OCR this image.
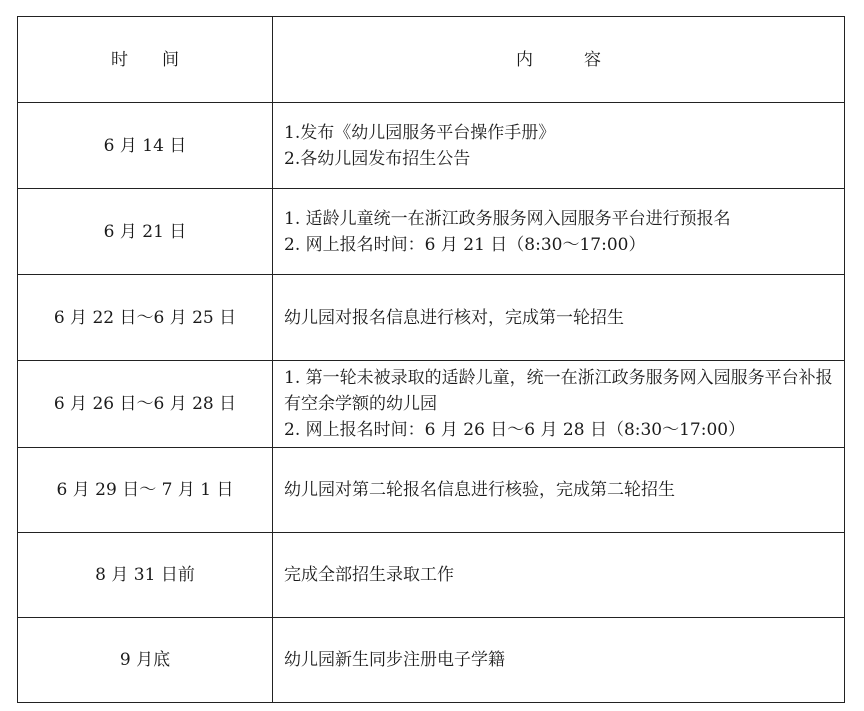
时　　间	内　　　容
6 月 14 日	1.发布《幼儿园服务平台操作手册》
2.各幼儿园发布招生公告

6 月 21 日	1. 适龄儿童统一在浙江政务服务网入园服务平台进行预报名
2. 网上报名时间：6 月 21 日（8:30～17:00）

6 月 22 日～6 月 25 日	幼儿园对报名信息进行核对，完成第一轮招生

6 月 26 日～6 月 28 日	1. 第一轮未被录取的适龄儿童，统一在浙江政务服务网入园服务平台补报有空余学额的幼儿园
2. 网上报名时间：6 月 26 日～6 月 28 日（8:30～17:00）

6 月 29 日～ 7 月 1 日	幼儿园对第二轮报名信息进行核验，完成第二轮招生

8 月 31 日前	完成全部招生录取工作

9 月底	幼儿园新生同步注册电子学籍
